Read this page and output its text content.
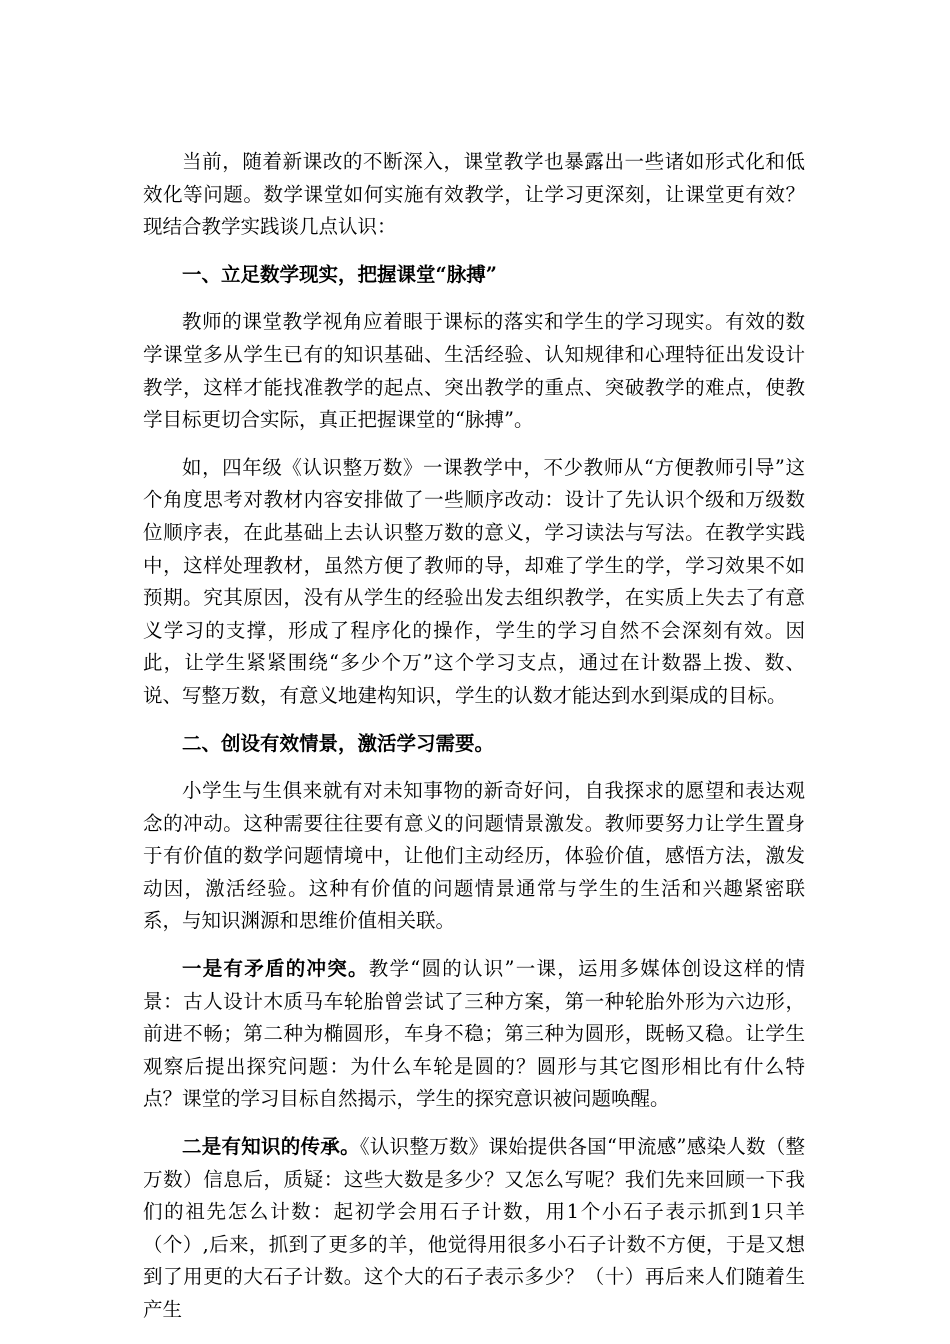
当前，随着新课改的不断深入，课堂教学也暴露出一些诸如形式化和低效化等问题。数学课堂如何实施有效教学，让学习更深刻，让课堂更有效？现结合教学实践谈几点认识：

一、立足数学现实，把握课堂“脉搏”

教师的课堂教学视角应着眼于课标的落实和学生的学习现实。有效的数学课堂多从学生已有的知识基础、生活经验、认知规律和心理特征出发设计教学，这样才能找准教学的起点、突出教学的重点、突破教学的难点，使教学目标更切合实际，真正把握课堂的“脉搏”。

如，四年级《认识整万数》一课教学中，不少教师从“方便教师引导”这个角度思考对教材内容安排做了一些顺序改动：设计了先认识个级和万级数位顺序表，在此基础上去认识整万数的意义，学习读法与写法。在教学实践中，这样处理教材，虽然方便了教师的导，却难了学生的学，学习效果不如预期。究其原因，没有从学生的经验出发去组织教学，在实质上失去了有意义学习的支撑，形成了程序化的操作，学生的学习自然不会深刻有效。因此，让学生紧紧围绕“多少个万”这个学习支点，通过在计数器上拨、数、说、写整万数，有意义地建构知识，学生的认数才能达到水到渠成的目标。

二、创设有效情景，激活学习需要。

小学生与生俱来就有对未知事物的新奇好问，自我探求的愿望和表达观念的冲动。这种需要往往要有意义的问题情景激发。教师要努力让学生置身于有价值的数学问题情境中，让他们主动经历，体验价值，感悟方法，激发动因，激活经验。这种有价值的问题情景通常与学生的生活和兴趣紧密联系，与知识渊源和思维价值相关联。

一是有矛盾的冲突。教学“圆的认识”一课，运用多媒体创设这样的情景：古人设计木质马车轮胎曾尝试了三种方案，第一种轮胎外形为六边形，前进不畅；第二种为椭圆形，车身不稳；第三种为圆形，既畅又稳。让学生观察后提出探究问题：为什么车轮是圆的？圆形与其它图形相比有什么特点？课堂的学习目标自然揭示，学生的探究意识被问题唤醒。

二是有知识的传承。《认识整万数》课始提供各国“甲流感”感染人数（整万数）信息后，质疑：这些大数是多少？又怎么写呢？我们先来回顾一下我们的祖先怎么计数：起初学会用石子计数，用1个小石子表示抓到1只羊（个）,后来，抓到了更多的羊，他觉得用很多小石子计数不方便，于是又想到了用更的大石子计数。这个大的石子表示多少？（十）再后来人们随着生产生
